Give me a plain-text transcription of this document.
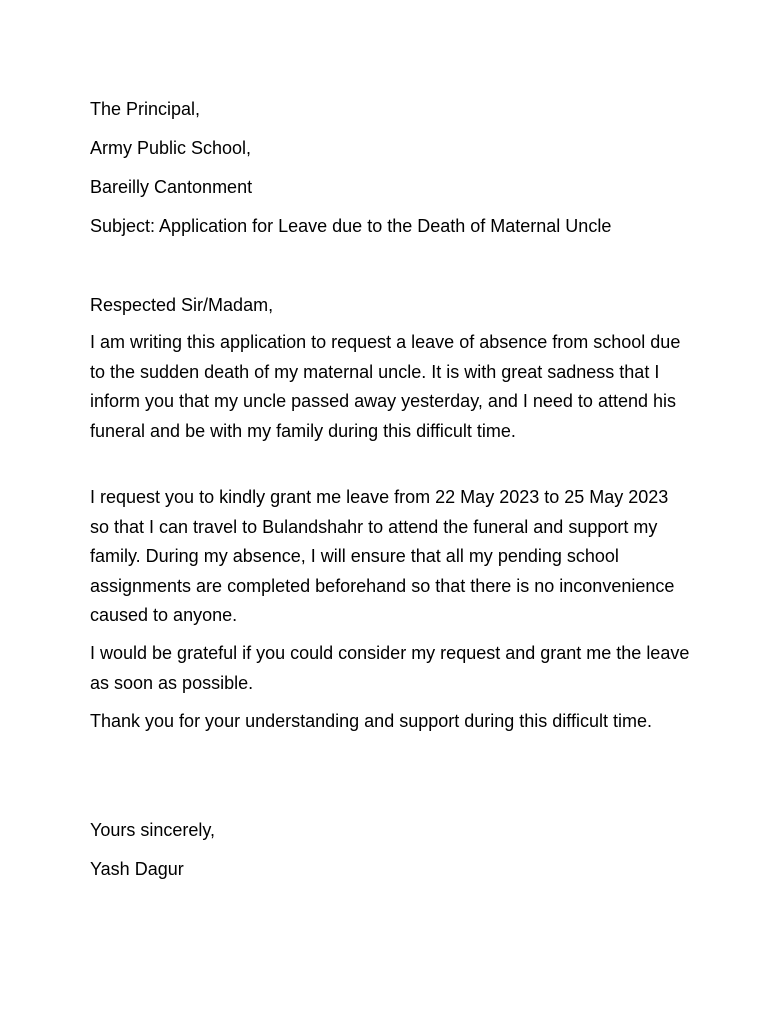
The Principal,
Army Public School,
Bareilly Cantonment
Subject: Application for Leave due to the Death of Maternal Uncle
Respected Sir/Madam,
I am writing this application to request a leave of absence from school due to the sudden death of my maternal uncle. It is with great sadness that I inform you that my uncle passed away yesterday, and I need to attend his funeral and be with my family during this difficult time.
I request you to kindly grant me leave from 22 May 2023 to 25 May 2023 so that I can travel to Bulandshahr to attend the funeral and support my family. During my absence, I will ensure that all my pending school assignments are completed beforehand so that there is no inconvenience caused to anyone.
I would be grateful if you could consider my request and grant me the leave as soon as possible.
Thank you for your understanding and support during this difficult time.
Yours sincerely,
Yash Dagur
